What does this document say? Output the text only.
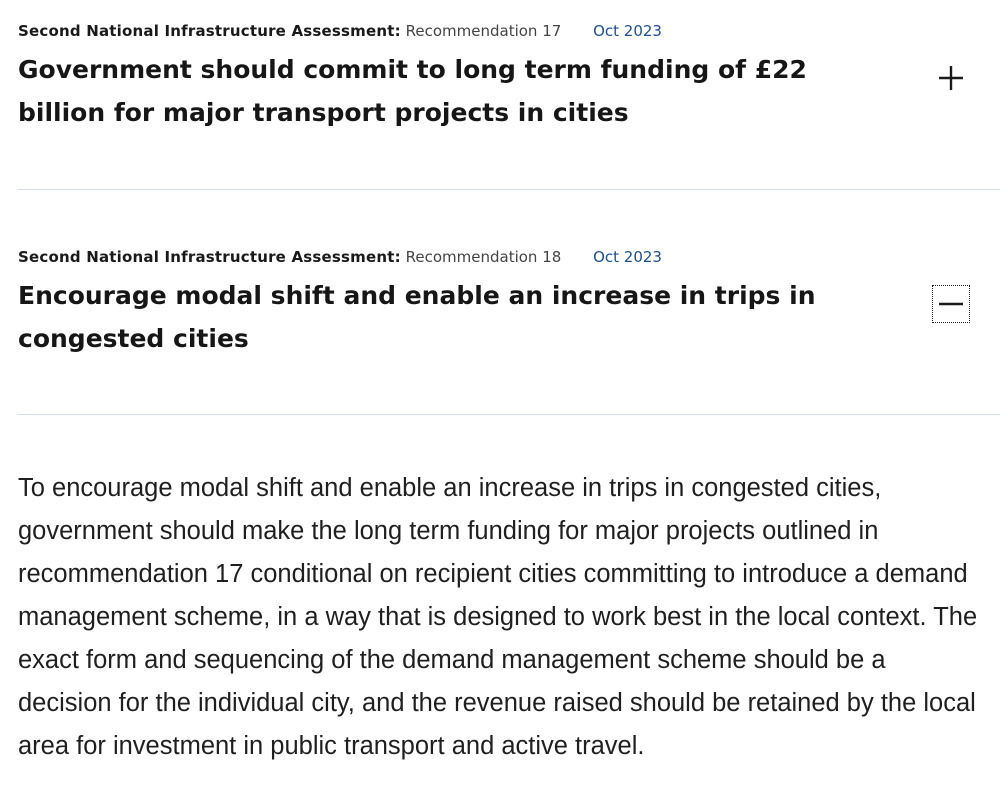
Second National Infrastructure Assessment: Recommendation 17 Oct 2023
Government should commit to long term funding of £22 billion for major transport projects in cities
Second National Infrastructure Assessment: Recommendation 18 Oct 2023
Encourage modal shift and enable an increase in trips in congested cities

To encourage modal shift and enable an increase in trips in congested cities, government should make the long term funding for major projects outlined in recommendation 17 conditional on recipient cities committing to introduce a demand management scheme, in a way that is designed to work best in the local context. The exact form and sequencing of the demand management scheme should be a decision for the individual city, and the revenue raised should be retained by the local area for investment in public transport and active travel.
